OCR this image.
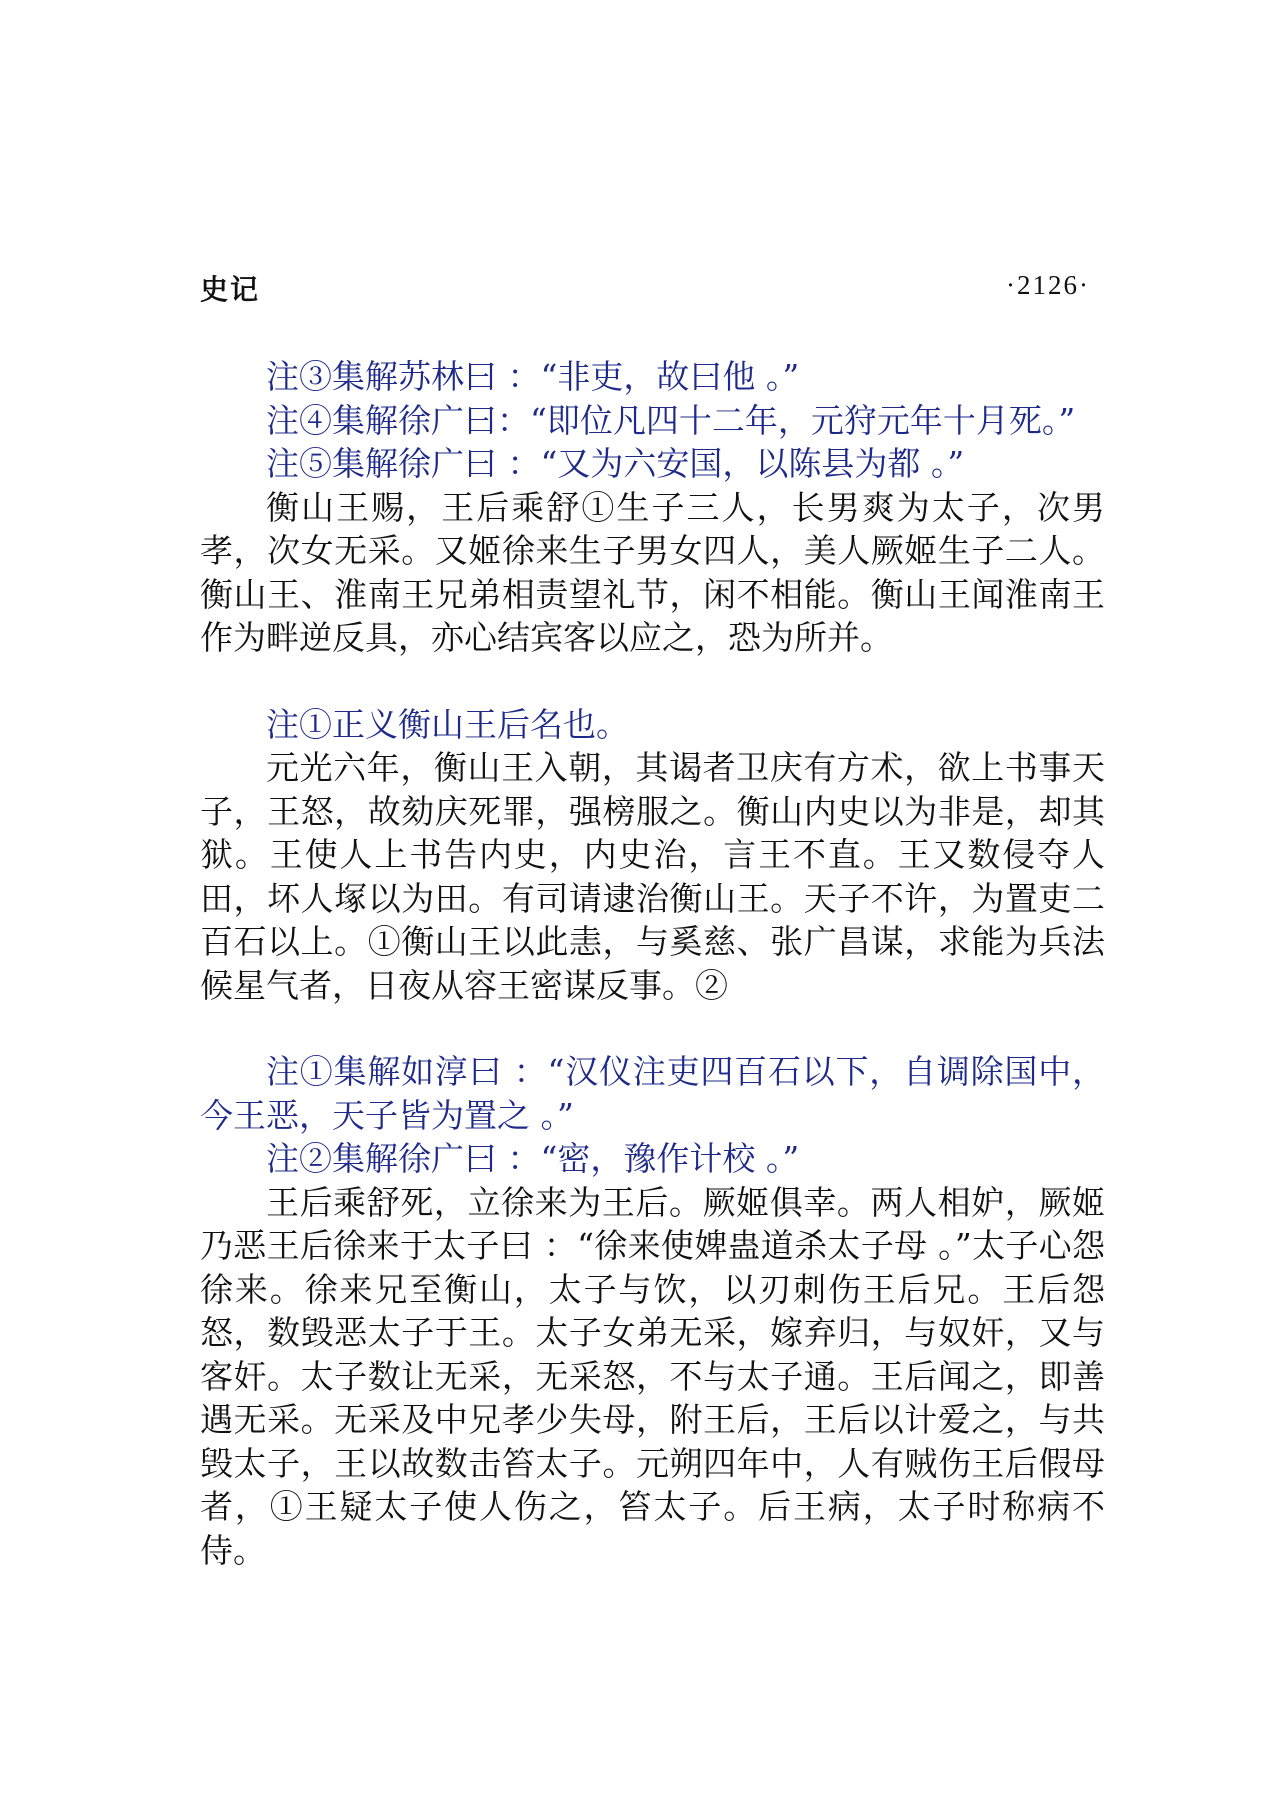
史记	·2126·

注③集解苏林曰 ：“非吏，故曰他 。”

注④集解徐广曰：“即位凡四十二年，元狩元年十月死。”

注⑤集解徐广曰 ：“又为六安国，以陈县为都 。”

衡山王赐，王后乘舒①生子三人，长男爽为太子，次男孝，次女无采。又姬徐来生子男女四人，美人厥姬生子二人。衡山王、淮南王兄弟相责望礼节，闲不相能。衡山王闻淮南王作为畔逆反具，亦心结宾客以应之，恐为所并。

注①正义衡山王后名也。

元光六年，衡山王入朝，其谒者卫庆有方术，欲上书事天子，王怒，故劾庆死罪，强榜服之。衡山内史以为非是，却其狱。王使人上书告内史，内史治，言王不直。王又数侵夺人田，坏人塚以为田。有司请逮治衡山王。天子不许，为置吏二百石以上。①衡山王以此恚，与奚慈、张广昌谋，求能为兵法候星气者，日夜从容王密谋反事。②

注①集解如淳曰 ：“汉仪注吏四百石以下，自调除国中，今王恶，天子皆为置之 。”

注②集解徐广曰 ：“密，豫作计校 。”

王后乘舒死，立徐来为王后。厥姬俱幸。两人相妒，厥姬乃恶王后徐来于太子曰 ：“徐来使婢蛊道杀太子母 。”太子心怨徐来。徐来兄至衡山，太子与饮，以刃刺伤王后兄。王后怨怒，数毁恶太子于王。太子女弟无采，嫁弃归，与奴奸，又与客奸。太子数让无采，无采怒，不与太子通。王后闻之，即善遇无采。无采及中兄孝少失母，附王后，王后以计爱之，与共毁太子，王以故数击笞太子。元朔四年中，人有贼伤王后假母者，①王疑太子使人伤之，笞太子。后王病，太子时称病不侍。
